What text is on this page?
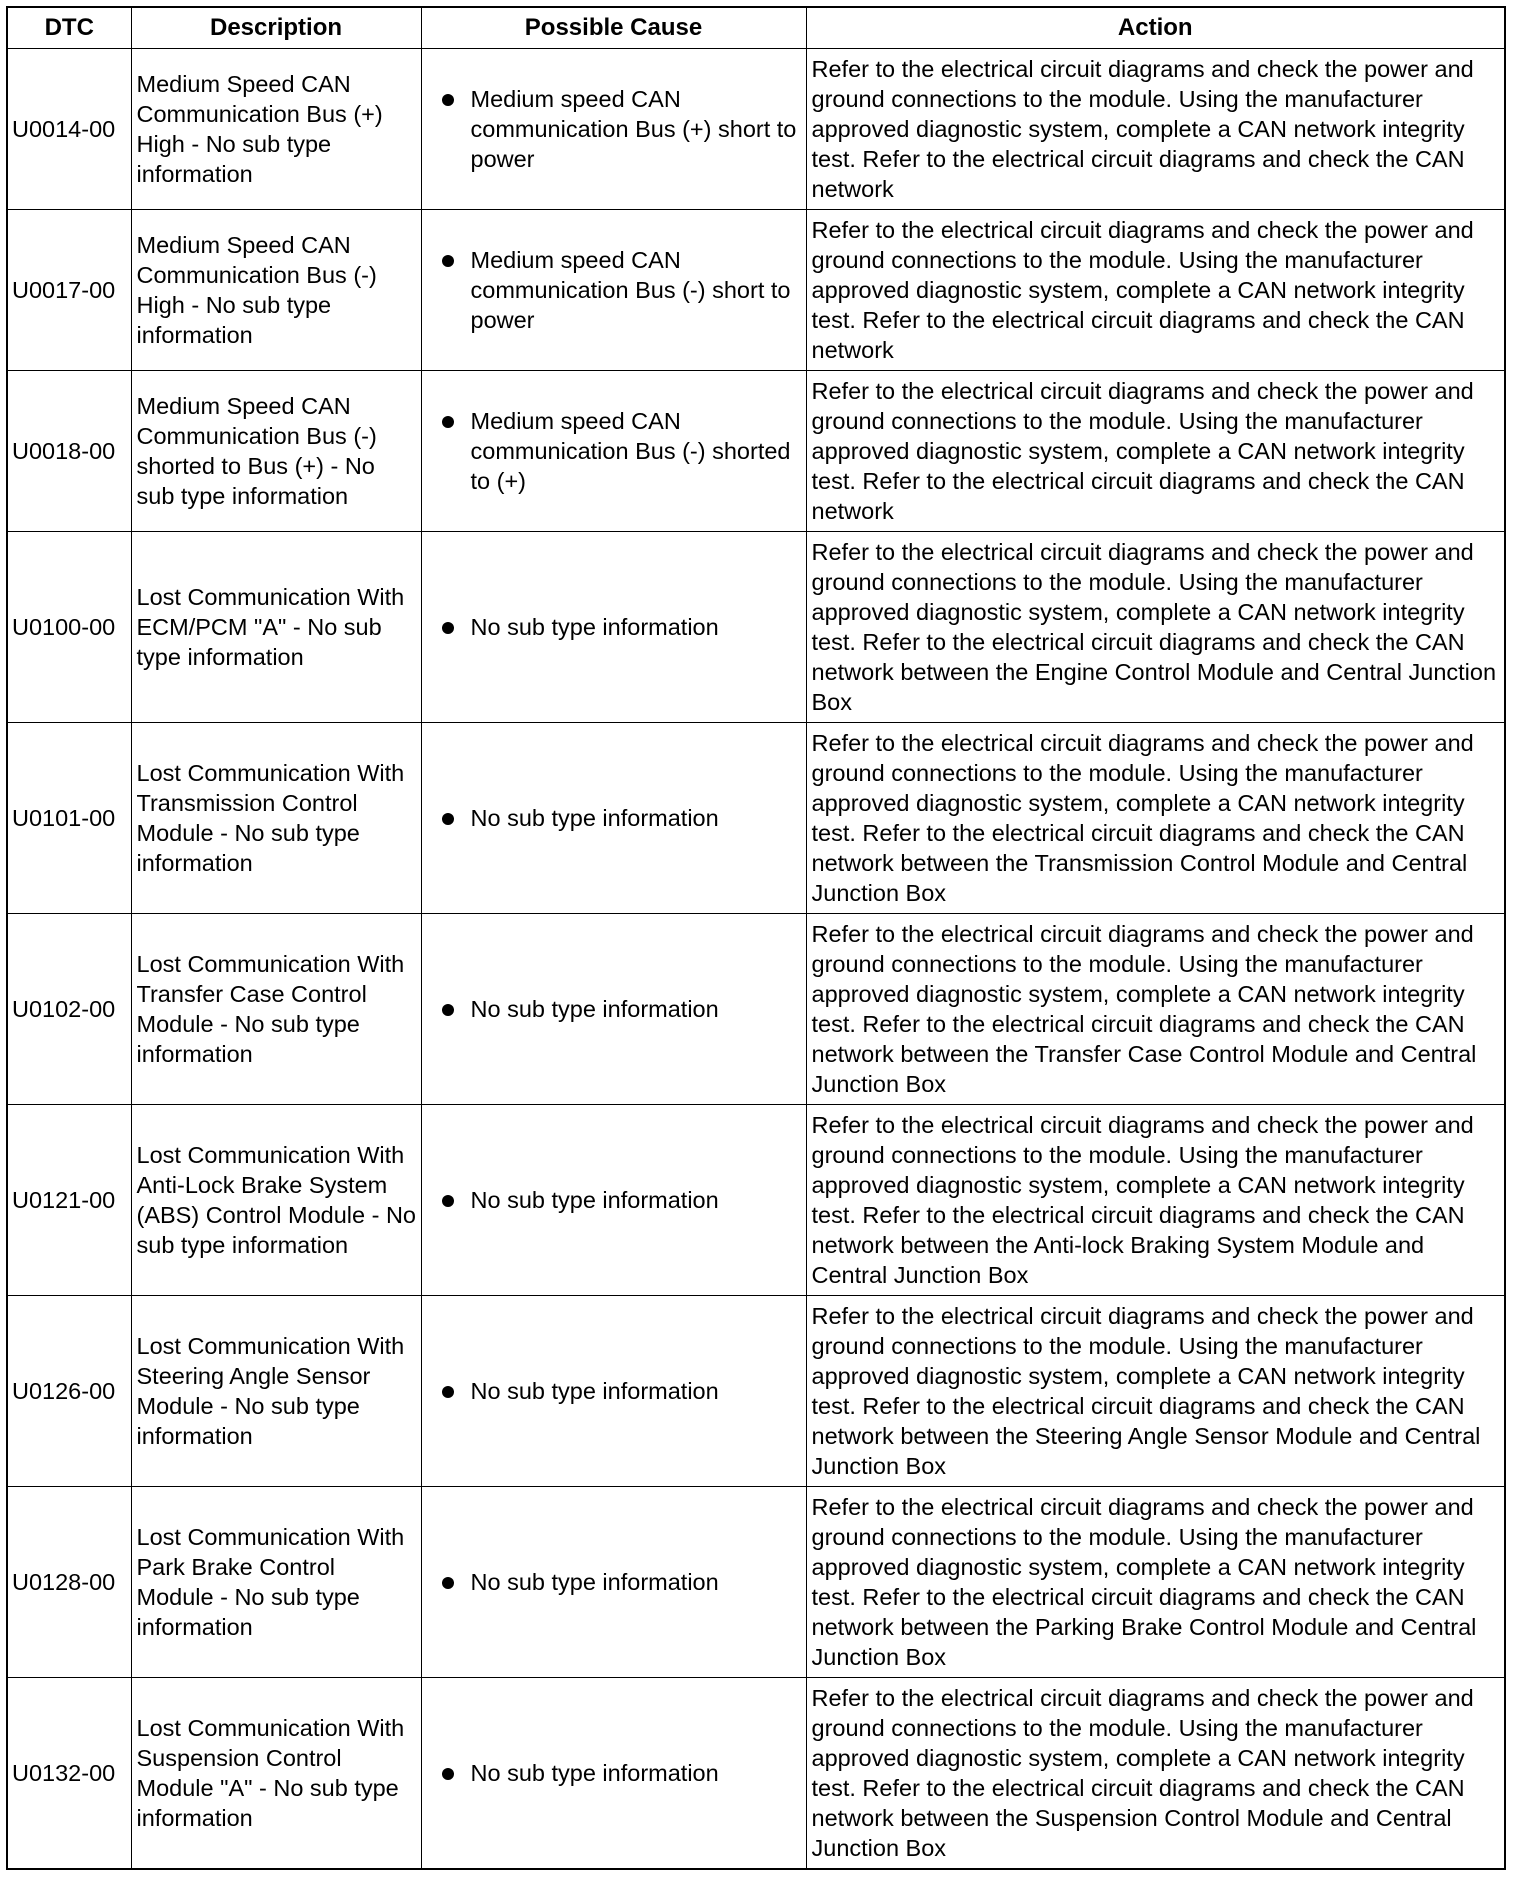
DTC	Description	Possible Cause	Action
U0014-00	Medium Speed CAN Communication Bus (+) High - No sub type information	Medium speed CAN communication Bus (+) short to power	Refer to the electrical circuit diagrams and check the power and ground connections to the module. Using the manufacturer approved diagnostic system, complete a CAN network integrity test. Refer to the electrical circuit diagrams and check the CAN network
U0017-00	Medium Speed CAN Communication Bus (-) High - No sub type information	Medium speed CAN communication Bus (-) short to power	Refer to the electrical circuit diagrams and check the power and ground connections to the module. Using the manufacturer approved diagnostic system, complete a CAN network integrity test. Refer to the electrical circuit diagrams and check the CAN network
U0018-00	Medium Speed CAN Communication Bus (-) shorted to Bus (+) - No sub type information	Medium speed CAN communication Bus (-) shorted to (+)	Refer to the electrical circuit diagrams and check the power and ground connections to the module. Using the manufacturer approved diagnostic system, complete a CAN network integrity test. Refer to the electrical circuit diagrams and check the CAN network
U0100-00	Lost Communication With ECM/PCM "A" - No sub type information	No sub type information	Refer to the electrical circuit diagrams and check the power and ground connections to the module. Using the manufacturer approved diagnostic system, complete a CAN network integrity test. Refer to the electrical circuit diagrams and check the CAN network between the Engine Control Module and Central Junction Box
U0101-00	Lost Communication With Transmission Control Module - No sub type information	No sub type information	Refer to the electrical circuit diagrams and check the power and ground connections to the module. Using the manufacturer approved diagnostic system, complete a CAN network integrity test. Refer to the electrical circuit diagrams and check the CAN network between the Transmission Control Module and Central Junction Box
U0102-00	Lost Communication With Transfer Case Control Module - No sub type information	No sub type information	Refer to the electrical circuit diagrams and check the power and ground connections to the module. Using the manufacturer approved diagnostic system, complete a CAN network integrity test. Refer to the electrical circuit diagrams and check the CAN network between the Transfer Case Control Module and Central Junction Box
U0121-00	Lost Communication With Anti-Lock Brake System (ABS) Control Module - No sub type information	No sub type information	Refer to the electrical circuit diagrams and check the power and ground connections to the module. Using the manufacturer approved diagnostic system, complete a CAN network integrity test. Refer to the electrical circuit diagrams and check the CAN network between the Anti-lock Braking System Module and Central Junction Box
U0126-00	Lost Communication With Steering Angle Sensor Module - No sub type information	No sub type information	Refer to the electrical circuit diagrams and check the power and ground connections to the module. Using the manufacturer approved diagnostic system, complete a CAN network integrity test. Refer to the electrical circuit diagrams and check the CAN network between the Steering Angle Sensor Module and Central Junction Box
U0128-00	Lost Communication With Park Brake Control Module - No sub type information	No sub type information	Refer to the electrical circuit diagrams and check the power and ground connections to the module. Using the manufacturer approved diagnostic system, complete a CAN network integrity test. Refer to the electrical circuit diagrams and check the CAN network between the Parking Brake Control Module and Central Junction Box
U0132-00	Lost Communication With Suspension Control Module "A" - No sub type information	No sub type information	Refer to the electrical circuit diagrams and check the power and ground connections to the module. Using the manufacturer approved diagnostic system, complete a CAN network integrity test. Refer to the electrical circuit diagrams and check the CAN network between the Suspension Control Module and Central Junction Box
